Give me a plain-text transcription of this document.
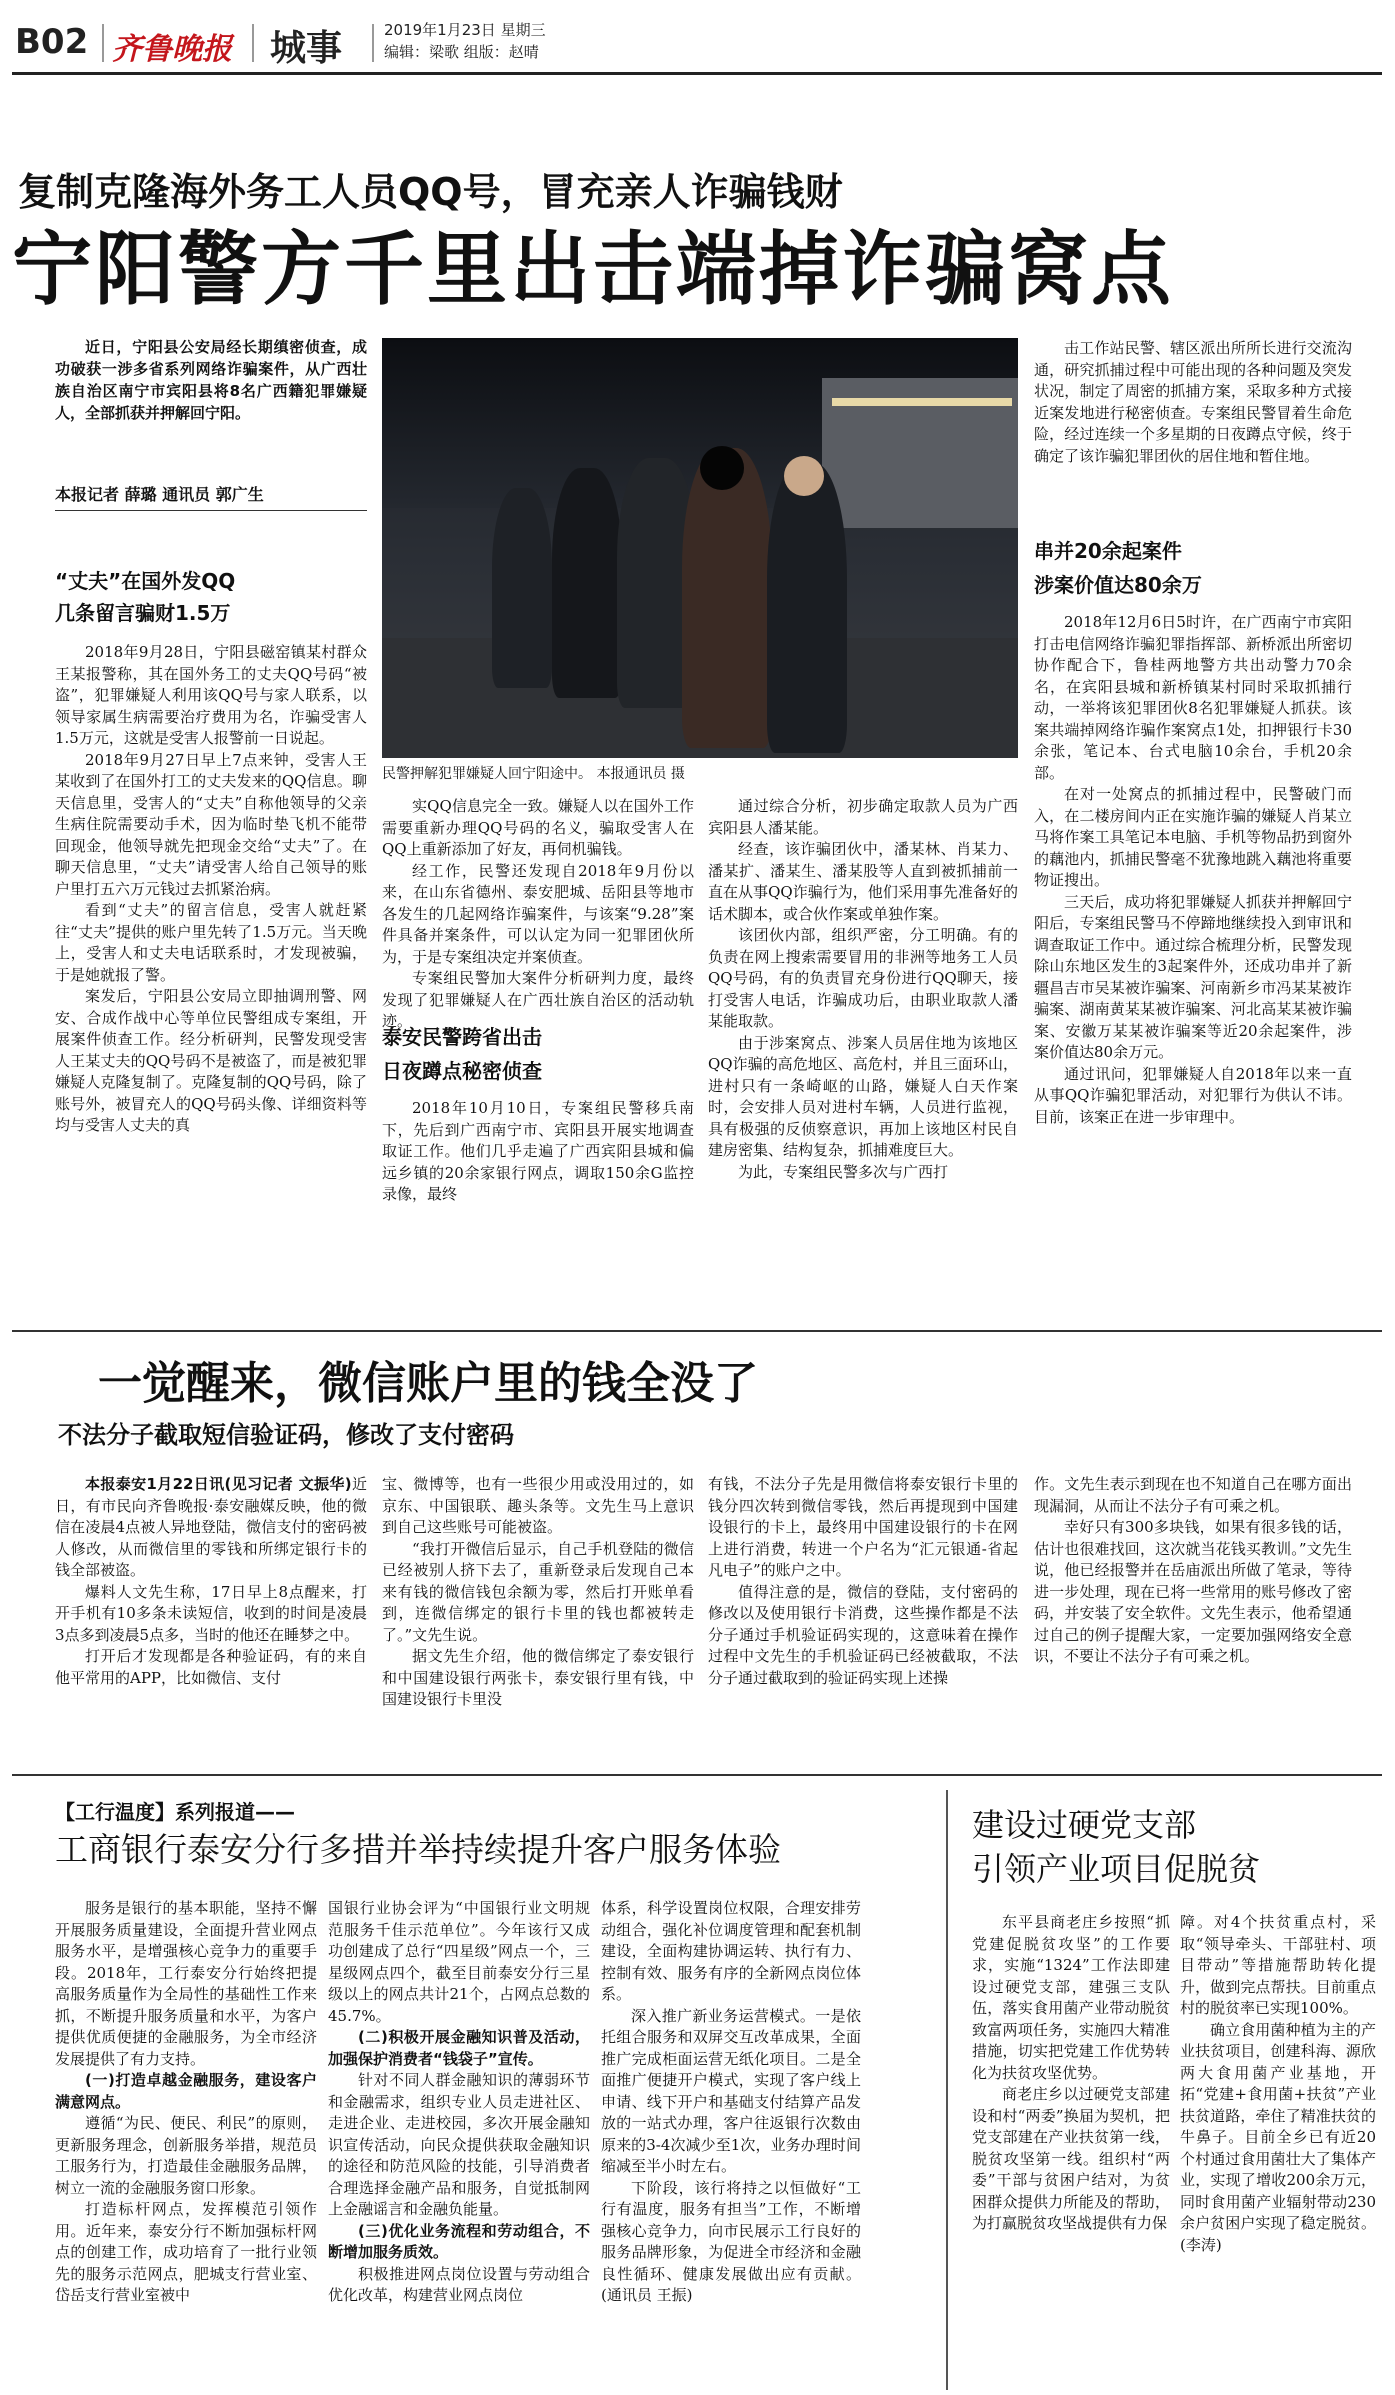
B02 齐鲁晚报 城事	2019年1月23日 星期三
编辑：梁歌 组版：赵晴
复制克隆海外务工人员QQ号，冒充亲人诈骗钱财
宁阳警方千里出击端掉诈骗窝点

近日，宁阳县公安局经长期缜密侦查，成功破获一涉多省系列网络诈骗案件，从广西壮族自治区南宁市宾阳县将8名广西籍犯罪嫌疑人，全部抓获并押解回宁阳。

本报记者 薛璐 通讯员 郭广生
“丈夫”在国外发QQ
几条留言骗财1.5万

2018年9月28日，宁阳县磁窑镇某村群众王某报警称，其在国外务工的丈夫QQ号码“被盗”，犯罪嫌疑人利用该QQ号与家人联系，以领导家属生病需要治疗费用为名，诈骗受害人1.5万元，这就是受害人报警前一日说起。

2018年9月27日早上7点来钟，受害人王某收到了在国外打工的丈夫发来的QQ信息。聊天信息里，受害人的“丈夫”自称他领导的父亲生病住院需要动手术，因为临时垫飞机不能带回现金，他领导就先把现金交给“丈夫”了。在聊天信息里，“丈夫”请受害人给自己领导的账户里打五六万元钱过去抓紧治病。

看到“丈夫”的留言信息，受害人就赶紧往“丈夫”提供的账户里先转了1.5万元。当天晚上，受害人和丈夫电话联系时，才发现被骗，于是她就报了警。

案发后，宁阳县公安局立即抽调刑警、网安、合成作战中心等单位民警组成专案组，开展案件侦查工作。经分析研判，民警发现受害人王某丈夫的QQ号码不是被盗了，而是被犯罪嫌疑人克隆复制了。克隆复制的QQ号码，除了账号外，被冒充人的QQ号码头像、详细资料等均与受害人丈夫的真

民警押解犯罪嫌疑人回宁阳途中。 本报通讯员 摄

实QQ信息完全一致。嫌疑人以在国外工作需要重新办理QQ号码的名义，骗取受害人在QQ上重新添加了好友，再伺机骗钱。

经工作，民警还发现自2018年9月份以来，在山东省德州、泰安肥城、岳阳县等地市各发生的几起网络诈骗案件，与该案“9.28”案件具备并案条件，可以认定为同一犯罪团伙所为，于是专案组决定并案侦查。

专案组民警加大案件分析研判力度，最终发现了犯罪嫌疑人在广西壮族自治区的活动轨迹。

泰安民警跨省出击
日夜蹲点秘密侦查

2018年10月10日，专案组民警移兵南下，先后到广西南宁市、宾阳县开展实地调查取证工作。他们几乎走遍了广西宾阳县城和偏远乡镇的20余家银行网点，调取150余G监控录像，最终

通过综合分析，初步确定取款人员为广西宾阳县人潘某能。

经查，该诈骗团伙中，潘某林、肖某力、潘某扩、潘某生、潘某股等人直到被抓捕前一直在从事QQ诈骗行为，他们采用事先准备好的话术脚本，或合伙作案或单独作案。

该团伙内部，组织严密，分工明确。有的负责在网上搜索需要冒用的非洲等地务工人员QQ号码，有的负责冒充身份进行QQ聊天，接打受害人电话，诈骗成功后，由职业取款人潘某能取款。

由于涉案窝点、涉案人员居住地为该地区QQ诈骗的高危地区、高危村，并且三面环山，进村只有一条崎岖的山路，嫌疑人白天作案时，会安排人员对进村车辆，人员进行监视，具有极强的反侦察意识，再加上该地区村民自建房密集、结构复杂，抓捕难度巨大。

为此，专案组民警多次与广西打

击工作站民警、辖区派出所所长进行交流沟通，研究抓捕过程中可能出现的各种问题及突发状况，制定了周密的抓捕方案，采取多种方式接近案发地进行秘密侦查。专案组民警冒着生命危险，经过连续一个多星期的日夜蹲点守候，终于确定了该诈骗犯罪团伙的居住地和暂住地。

串并20余起案件
涉案价值达80余万

2018年12月6日5时许，在广西南宁市宾阳打击电信网络诈骗犯罪指挥部、新桥派出所密切协作配合下，鲁桂两地警方共出动警力70余名，在宾阳县城和新桥镇某村同时采取抓捕行动，一举将该犯罪团伙8名犯罪嫌疑人抓获。该案共端掉网络诈骗作案窝点1处，扣押银行卡30余张，笔记本、台式电脑10余台，手机20余部。

在对一处窝点的抓捕过程中，民警破门而入，在二楼房间内正在实施诈骗的嫌疑人肖某立马将作案工具笔记本电脑、手机等物品扔到窗外的藕池内，抓捕民警毫不犹豫地跳入藕池将重要物证搜出。

三天后，成功将犯罪嫌疑人抓获并押解回宁阳后，专案组民警马不停蹄地继续投入到审讯和调查取证工作中。通过综合梳理分析，民警发现除山东地区发生的3起案件外，还成功串并了新疆昌吉市吴某被诈骗案、河南新乡市冯某某被诈骗案、湖南黄某某被诈骗案、河北高某某被诈骗案、安徽万某某被诈骗案等近20余起案件，涉案价值达80余万元。

通过讯问，犯罪嫌疑人自2018年以来一直从事QQ诈骗犯罪活动，对犯罪行为供认不讳。目前，该案正在进一步审理中。

一觉醒来，微信账户里的钱全没了
不法分子截取短信验证码，修改了支付密码

本报泰安1月22日讯(见习记者 文振华)近日，有市民向齐鲁晚报·泰安融媒反映，他的微信在凌晨4点被人异地登陆，微信支付的密码被人修改，从而微信里的零钱和所绑定银行卡的钱全部被盗。

爆料人文先生称，17日早上8点醒来，打开手机有10多条未读短信，收到的时间是凌晨3点多到凌晨5点多，当时的他还在睡梦之中。

打开后才发现都是各种验证码，有的来自他平常用的APP，比如微信、支付

宝、微博等，也有一些很少用或没用过的，如京东、中国银联、趣头条等。文先生马上意识到自己这些账号可能被盗。

“我打开微信后显示，自己手机登陆的微信已经被别人挤下去了，重新登录后发现自己本来有钱的微信钱包余额为零，然后打开账单看到，连微信绑定的银行卡里的钱也都被转走了。”文先生说。

据文先生介绍，他的微信绑定了泰安银行和中国建设银行两张卡，泰安银行里有钱，中国建设银行卡里没

有钱，不法分子先是用微信将泰安银行卡里的钱分四次转到微信零钱，然后再提现到中国建设银行的卡上，最终用中国建设银行的卡在网上进行消费，转进一个户名为“汇元银通-省起凡电子”的账户之中。

值得注意的是，微信的登陆，支付密码的修改以及使用银行卡消费，这些操作都是不法分子通过手机验证码实现的，这意味着在操作过程中文先生的手机验证码已经被截取，不法分子通过截取到的验证码实现上述操

作。文先生表示到现在也不知道自己在哪方面出现漏洞，从而让不法分子有可乘之机。

幸好只有300多块钱，如果有很多钱的话，估计也很难找回，这次就当花钱买教训。”文先生说，他已经报警并在岳庙派出所做了笔录，等待进一步处理，现在已将一些常用的账号修改了密码，并安装了安全软件。文先生表示，他希望通过自己的例子提醒大家，一定要加强网络安全意识，不要让不法分子有可乘之机。

【工行温度】系列报道——
工商银行泰安分行多措并举持续提升客户服务体验

服务是银行的基本职能，坚持不懈开展服务质量建设，全面提升营业网点服务水平，是增强核心竞争力的重要手段。2018年，工行泰安分行始终把提高服务质量作为全局性的基础性工作来抓，不断提升服务质量和水平，为客户提供优质便捷的金融服务，为全市经济发展提供了有力支持。

(一)打造卓越金融服务，建设客户满意网点。

遵循“为民、便民、利民”的原则，更新服务理念，创新服务举措，规范员工服务行为，打造最佳金融服务品牌，树立一流的金融服务窗口形象。

打造标杆网点，发挥模范引领作用。近年来，泰安分行不断加强标杆网点的创建工作，成功培育了一批行业领先的服务示范网点，肥城支行营业室、岱岳支行营业室被中

国银行业协会评为“中国银行业文明规范服务千佳示范单位”。今年该行又成功创建成了总行“四星级”网点一个，三星级网点四个，截至目前泰安分行三星级以上的网点共计21个，占网点总数的45.7%。

(二)积极开展金融知识普及活动，加强保护消费者“钱袋子”宣传。

针对不同人群金融知识的薄弱环节和金融需求，组织专业人员走进社区、走进企业、走进校园，多次开展金融知识宣传活动，向民众提供获取金融知识的途径和防范风险的技能，引导消费者合理选择金融产品和服务，自觉抵制网上金融谣言和金融负能量。

(三)优化业务流程和劳动组合，不断增加服务质效。

积极推进网点岗位设置与劳动组合优化改革，构建营业网点岗位

体系，科学设置岗位权限，合理安排劳动组合，强化补位调度管理和配套机制建设，全面构建协调运转、执行有力、控制有效、服务有序的全新网点岗位体系。

深入推广新业务运营模式。一是依托组合服务和双屏交互改革成果，全面推广完成柜面运营无纸化项目。二是全面推广便捷开户模式，实现了客户线上申请、线下开户和基础支付结算产品发放的一站式办理，客户往返银行次数由原来的3-4次减少至1次，业务办理时间缩减至半小时左右。

下阶段，该行将持之以恒做好“工行有温度，服务有担当”工作，不断增强核心竞争力，向市民展示工行良好的服务品牌形象，为促进全市经济和金融良性循环、健康发展做出应有贡献。 (通讯员 王振)

建设过硬党支部
引领产业项目促脱贫

东平县商老庄乡按照“抓党建促脱贫攻坚”的工作要求，实施“1324”工作法即建设过硬党支部，建强三支队伍，落实食用菌产业带动脱贫致富两项任务，实施四大精准措施，切实把党建工作优势转化为扶贫攻坚优势。

商老庄乡以过硬党支部建设和村“两委”换届为契机，把党支部建在产业扶贫第一线，脱贫攻坚第一线。组织村“两委”干部与贫困户结对，为贫困群众提供力所能及的帮助，为打赢脱贫攻坚战提供有力保

障。对4个扶贫重点村，采取“领导牵头、干部驻村、项目带动”等措施帮助转化提升，做到完点帮扶。目前重点村的脱贫率已实现100%。

确立食用菌种植为主的产业扶贫项目，创建科海、源欣两大食用菌产业基地，开拓“党建+食用菌+扶贫”产业扶贫道路，牵住了精准扶贫的牛鼻子。目前全乡已有近20个村通过食用菌壮大了集体产业，实现了增收200余万元，同时食用菌产业辐射带动230余户贫困户实现了稳定脱贫。 (李涛)
